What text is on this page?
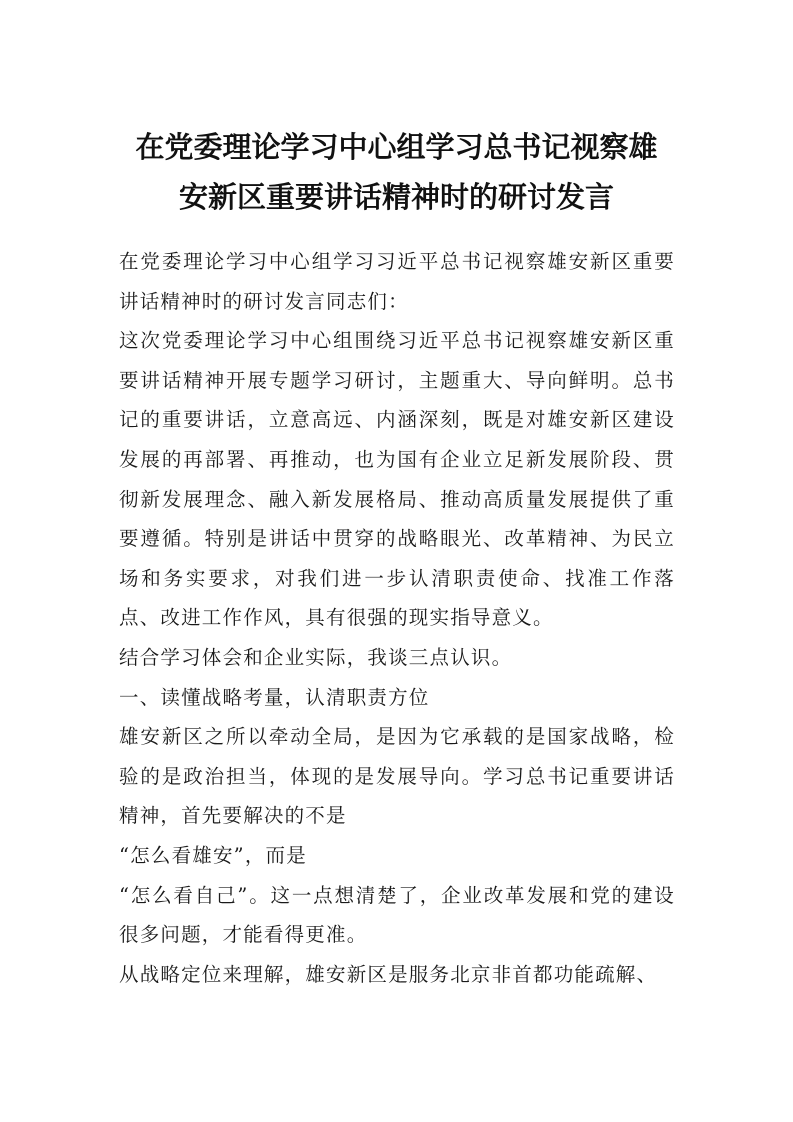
在党委理论学习中心组学习总书记视察雄
安新区重要讲话精神时的研讨发言

在党委理论学习中心组学习习近平总书记视察雄安新区重要讲话精神时的研讨发言同志们：

这次党委理论学习中心组围绕习近平总书记视察雄安新区重要讲话精神开展专题学习研讨，主题重大、导向鲜明。总书记的重要讲话，立意高远、内涵深刻，既是对雄安新区建设发展的再部署、再推动，也为国有企业立足新发展阶段、贯彻新发展理念、融入新发展格局、推动高质量发展提供了重要遵循。特别是讲话中贯穿的战略眼光、改革精神、为民立场和务实要求，对我们进一步认清职责使命、找准工作落点、改进工作作风，具有很强的现实指导意义。

结合学习体会和企业实际，我谈三点认识。

一、读懂战略考量，认清职责方位

雄安新区之所以牵动全局，是因为它承载的是国家战略，检验的是政治担当，体现的是发展导向。学习总书记重要讲话精神，首先要解决的不是

“怎么看雄安”，而是

“怎么看自己”。这一点想清楚了，企业改革发展和党的建设很多问题，才能看得更准。

从战略定位来理解，雄安新区是服务北京非首都功能疏解、
